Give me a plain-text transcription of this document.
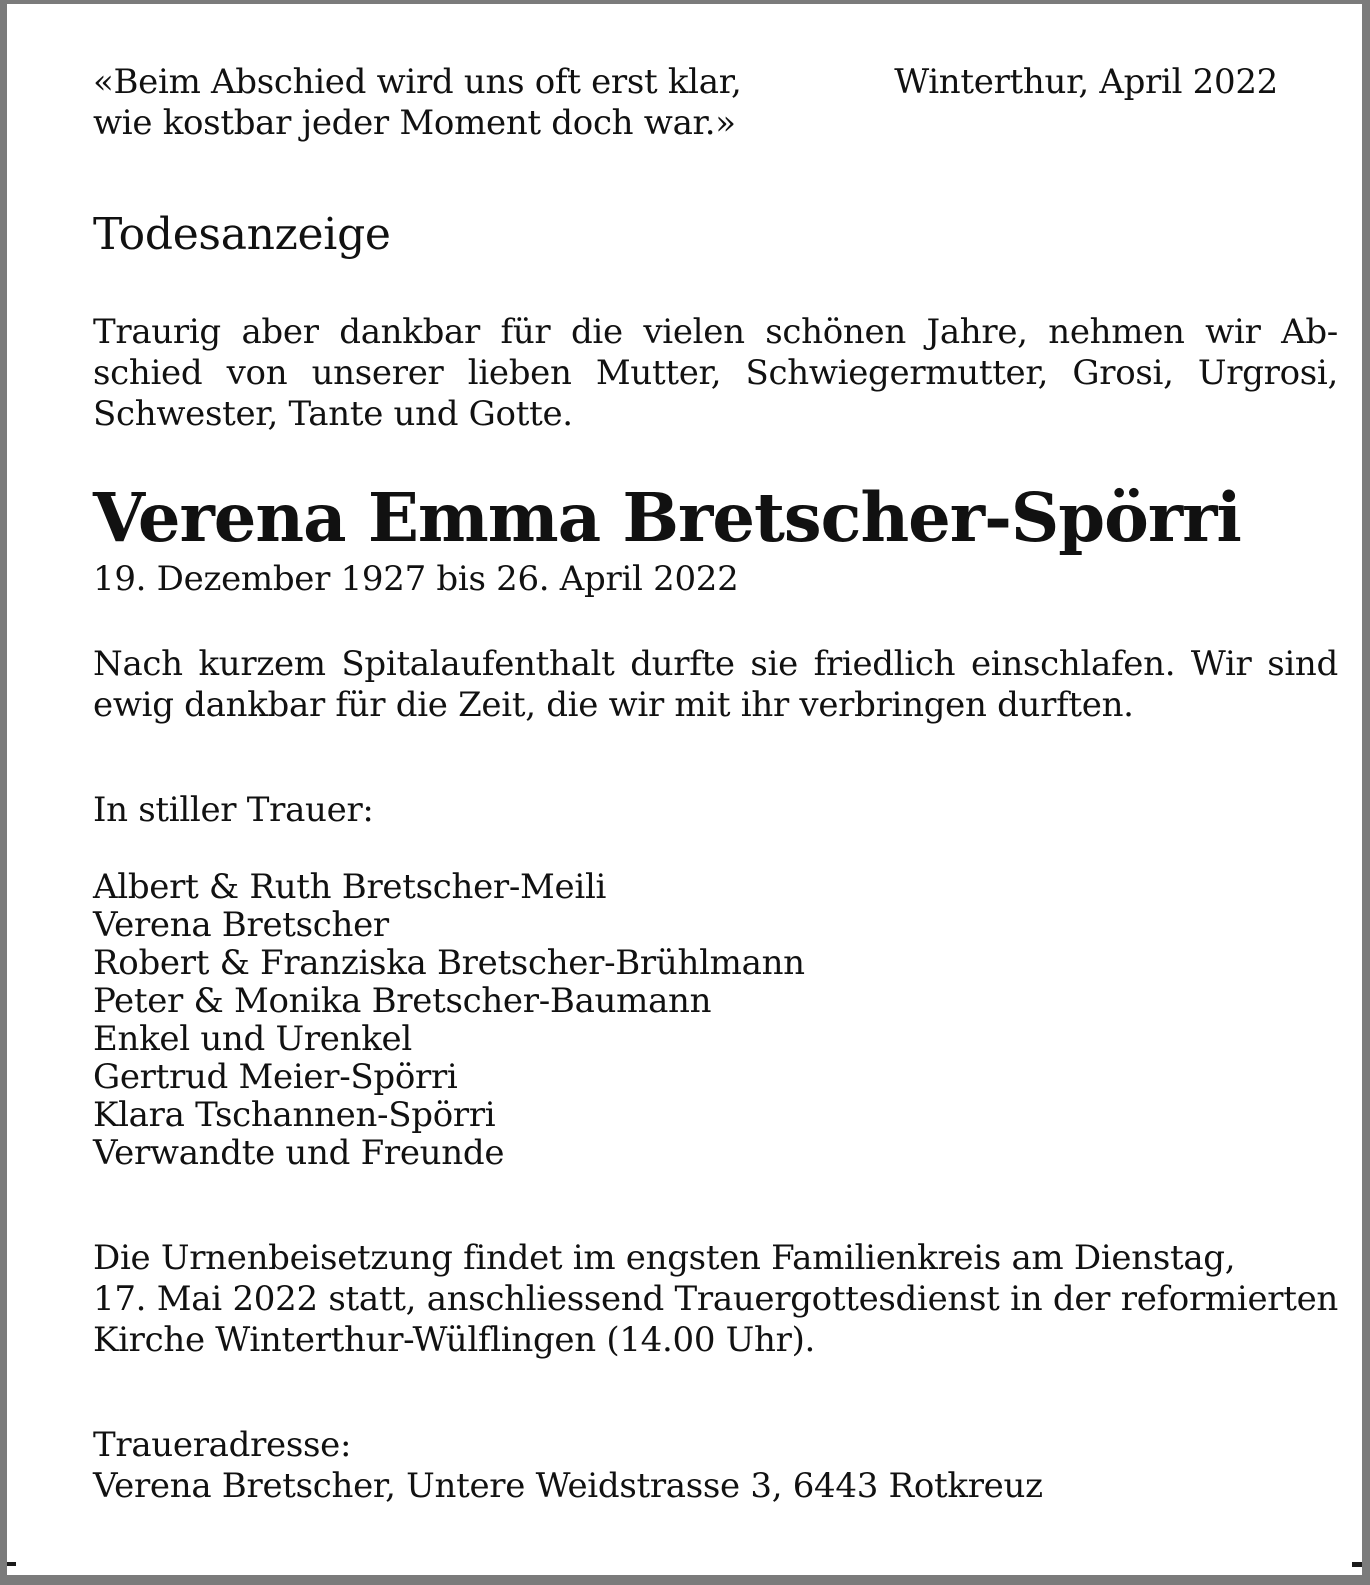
«Beim Abschied wird uns oft erst klar,
wie kostbar jeder Moment doch war.»
Winterthur, April 2022
Todesanzeige
Traurig aber dankbar für die vielen schönen Jahre, nehmen wir Ab-
schied von unserer lieben Mutter, Schwiegermutter, Grosi, Urgrosi,
Schwester, Tante und Gotte.
Verena Emma Bretscher-Spörri
19. Dezember 1927 bis 26. April 2022
Nach kurzem Spitalaufenthalt durfte sie friedlich einschlafen. Wir sind
ewig dankbar für die Zeit, die wir mit ihr verbringen durften.
In stiller Trauer:
Albert & Ruth Bretscher-Meili
Verena Bretscher
Robert & Franziska Bretscher-Brühlmann
Peter & Monika Bretscher-Baumann
Enkel und Urenkel
Gertrud Meier-Spörri
Klara Tschannen-Spörri
Verwandte und Freunde
Die Urnenbeisetzung findet im engsten Familienkreis am Dienstag,
17. Mai 2022 statt, anschliessend Trauergottesdienst in der reformierten
Kirche Winterthur-Wülflingen (14.00 Uhr).
Traueradresse:
Verena Bretscher, Untere Weidstrasse 3, 6443 Rotkreuz
